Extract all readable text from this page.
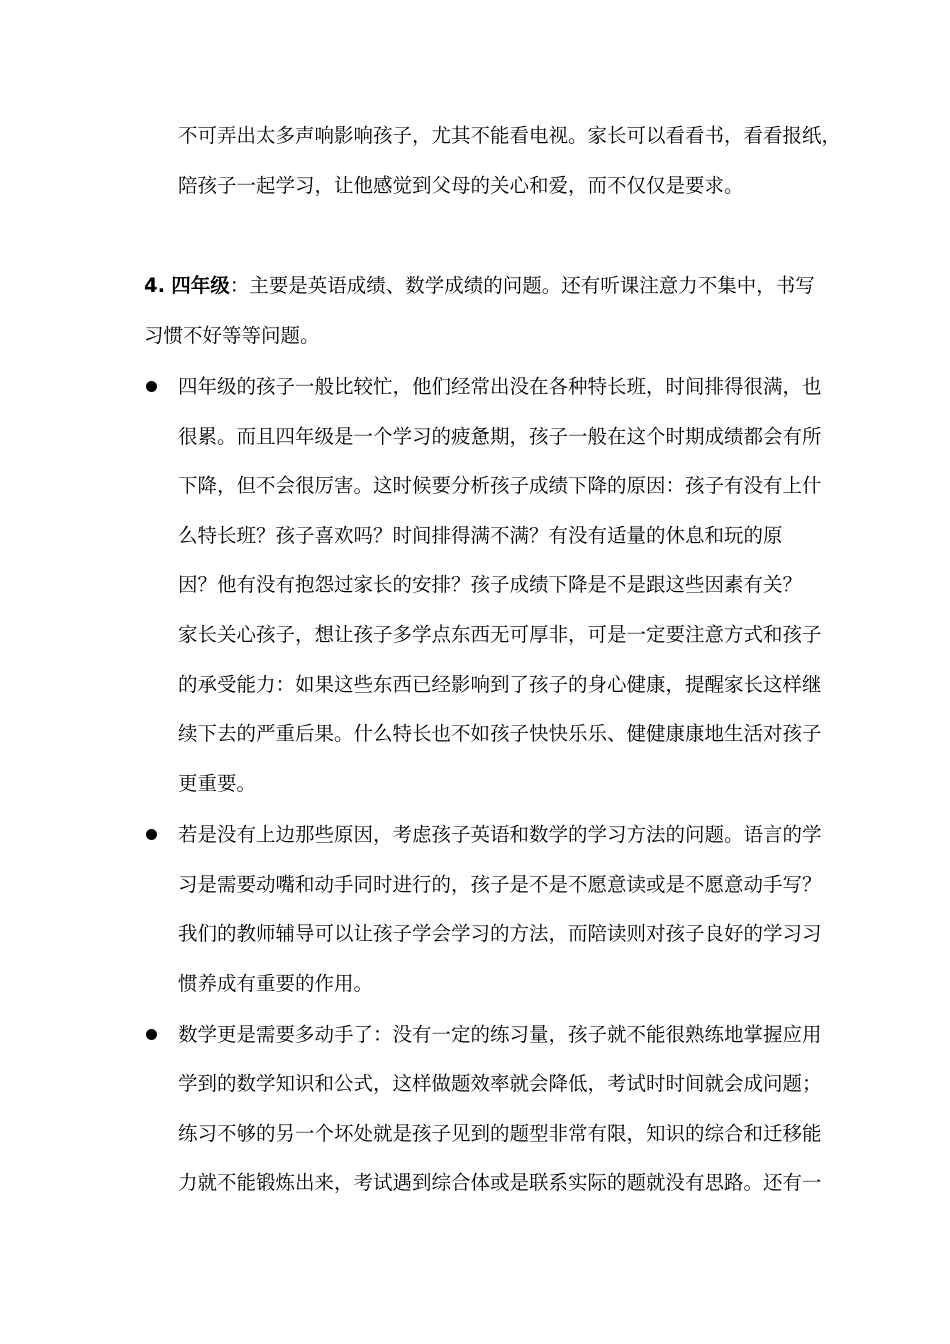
不可弄出太多声响影响孩子，尤其不能看电视。家长可以看看书，看看报纸，
陪孩子一起学习，让他感觉到父母的关心和爱，而不仅仅是要求。
4. 四年级：主要是英语成绩、数学成绩的问题。还有听课注意力不集中，书写
习惯不好等等问题。
四年级的孩子一般比较忙，他们经常出没在各种特长班，时间排得很满，也
很累。而且四年级是一个学习的疲惫期，孩子一般在这个时期成绩都会有所
下降，但不会很厉害。这时候要分析孩子成绩下降的原因：孩子有没有上什
么特长班？孩子喜欢吗？时间排得满不满？有没有适量的休息和玩的原
因？他有没有抱怨过家长的安排？孩子成绩下降是不是跟这些因素有关？
家长关心孩子，想让孩子多学点东西无可厚非，可是一定要注意方式和孩子
的承受能力：如果这些东西已经影响到了孩子的身心健康，提醒家长这样继
续下去的严重后果。什么特长也不如孩子快快乐乐、健健康康地生活对孩子
更重要。
若是没有上边那些原因，考虑孩子英语和数学的学习方法的问题。语言的学
习是需要动嘴和动手同时进行的，孩子是不是不愿意读或是不愿意动手写？
我们的教师辅导可以让孩子学会学习的方法，而陪读则对孩子良好的学习习
惯养成有重要的作用。
数学更是需要多动手了：没有一定的练习量，孩子就不能很熟练地掌握应用
学到的数学知识和公式，这样做题效率就会降低，考试时时间就会成问题；
练习不够的另一个坏处就是孩子见到的题型非常有限，知识的综合和迁移能
力就不能锻炼出来，考试遇到综合体或是联系实际的题就没有思路。还有一
